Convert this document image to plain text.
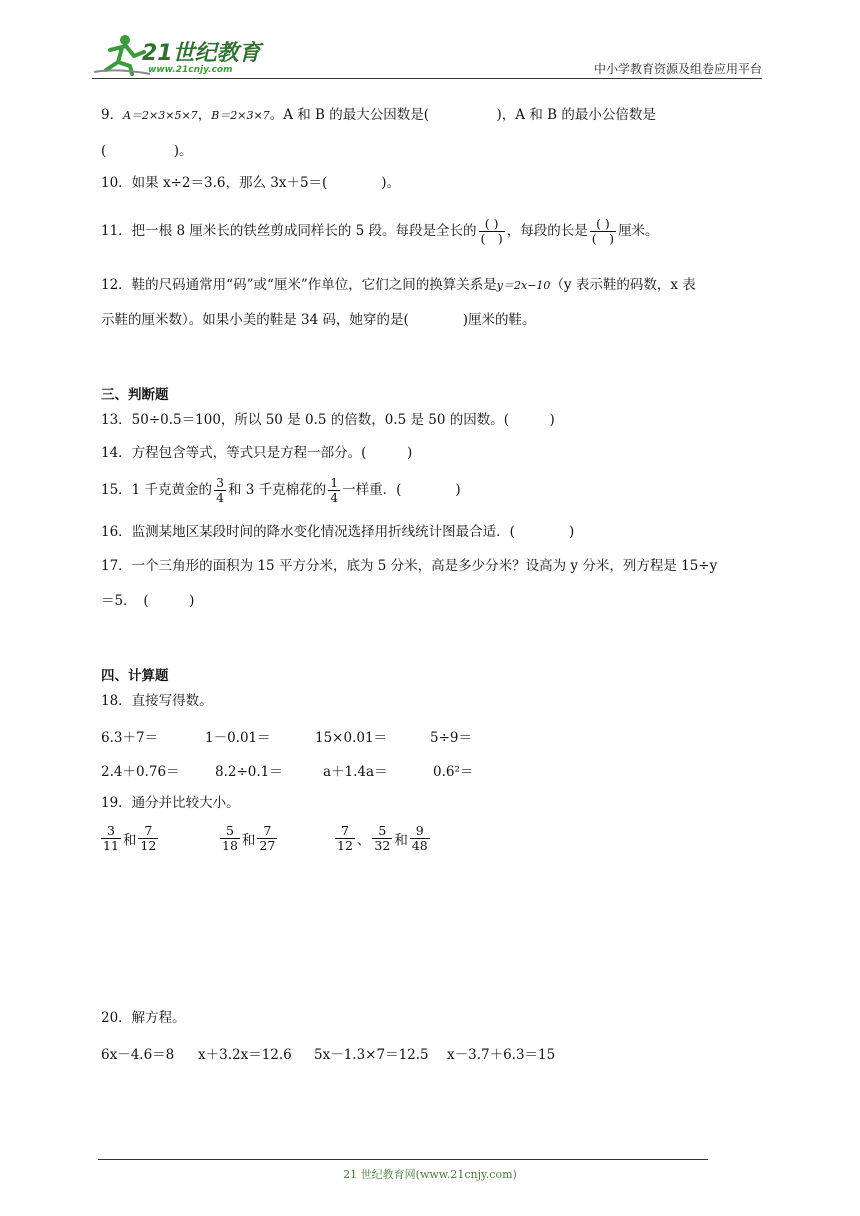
21世纪教育
www.21cnjy.com	中小学教育资源及组卷应用平台
9．A＝2×3×5×7，B＝2×3×7。A 和 B 的最大公因数是(　　　　　)，A 和 B 的最小公倍数是
(　　　　　)。
10．如果 x÷2＝3.6，那么 3x＋5＝(　　　　)。
11．把一根 8 厘米长的铁丝剪成同样长的 5 段。每段是全长的 $\frac{( )}{( )}$ ，每段的长是 $\frac{( )}{( )}$ 厘米。
12．鞋的尺码通常用“码”或“厘米”作单位，它们之间的换算关系是y＝2x−10（y 表示鞋的码数，x 表
示鞋的厘米数）。如果小美的鞋是 34 码，她穿的是(　　　　)厘米的鞋。
三、判断题
13．50÷0.5＝100，所以 50 是 0.5 的倍数，0.5 是 50 的因数。(　　　)
14．方程包含等式，等式只是方程一部分。(　　　)
15．1 千克黄金的 $\frac{3}{4}$ 和 3 千克棉花的 $\frac{1}{4}$ 一样重．(　　　　)
16．监测某地区某段时间的降水变化情况选择用折线统计图最合适．(　　　　)
17．一个三角形的面积为 15 平方分米，底为 5 分米，高是多少分米？设高为 y 分米，列方程是 15÷y
＝5．　(　　　)
四、计算题
18．直接写得数。
6.3＋7＝	1－0.01＝	15×0.01＝	5÷9＝
2.4＋0.76＝	8.2÷0.1＝	a＋1.4a＝	0.6²＝
19．通分并比较大小。
$\frac{3}{11}$ 和 $\frac{7}{12}$	$\frac{5}{18}$ 和 $\frac{7}{27}$	$\frac{7}{12}$ 、 $\frac{5}{32}$ 和 $\frac{9}{48}$
20．解方程。
6x－4.6＝8 x＋3.2x＝12.6 5x－1.3×7＝12.5 x－3.7＋6.3＝15
21 世纪教育网(www.21cnjy.com)
